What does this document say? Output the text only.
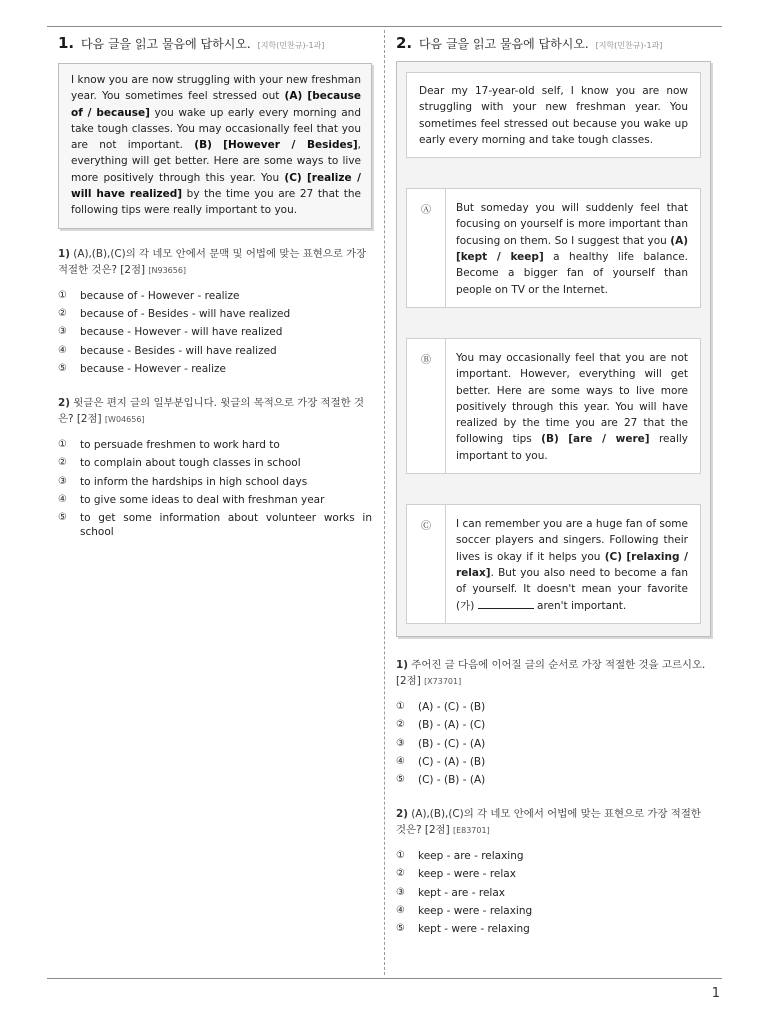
1. 다음 글을 읽고 물음에 답하시오. [지학(민찬규)-1과]
I know you are now struggling with your new freshman year. You sometimes feel stressed out (A) [because of / because] you wake up early every morning and take tough classes. You may occasionally feel that you are not important. (B) [However / Besides], everything will get better. Here are some ways to live more positively through this year. You (C) [realize / will have realized] by the time you are 27 that the following tips were really important to you.
1) (A),(B),(C)의 각 네모 안에서 문맥 및 어법에 맞는 표현으로 가장 적절한 것은? [2점] [N93656]
①	because of - However - realize
②	because of - Besides - will have realized
③	because - However - will have realized
④	because - Besides - will have realized
⑤	because - However - realize
2) 윗글은 편지 글의 일부분입니다. 윗글의 목적으로 가장 적절한 것은? [2점] [W04656]
①	to persuade freshmen to work hard to
②	to complain about tough classes in school
③	to inform the hardships in high school days
④	to give some ideas to deal with freshman year
⑤	to get some information about volunteer works in school
2. 다음 글을 읽고 물음에 답하시오. [지학(민찬규)-1과]
Dear my 17-year-old self, I know you are now struggling with your new freshman year. You sometimes feel stressed out because you wake up early every morning and take tough classes.
Ⓐ	But someday you will suddenly feel that focusing on yourself is more important than focusing on them. So I suggest that you (A) [kept / keep] a healthy life balance. Become a bigger fan of yourself than people on TV or the Internet.
Ⓑ	You may occasionally feel that you are not important. However, everything will get better. Here are some ways to live more positively through this year. You will have realized by the time you are 27 that the following tips (B) [are / were] really important to you.
Ⓒ	I can remember you are a huge fan of some soccer players and singers. Following their lives is okay if it helps you (C) [relaxing / relax]. But you also need to become a fan of yourself. It doesn't mean your favorite (가)	aren't important.
1) 주어진 글 다음에 이어질 글의 순서로 가장 적절한 것을 고르시오. [2점] [X73701]
①	(A) - (C) - (B)
②	(B) - (A) - (C)
③	(B) - (C) - (A)
④	(C) - (A) - (B)
⑤	(C) - (B) - (A)
2) (A),(B),(C)의 각 네모 안에서 어법에 맞는 표현으로 가장 적절한 것은? [2점] [E83701]
①	keep - are - relaxing
②	keep - were - relax
③	kept - are - relax
④	keep - were - relaxing
⑤	kept - were - relaxing
1
